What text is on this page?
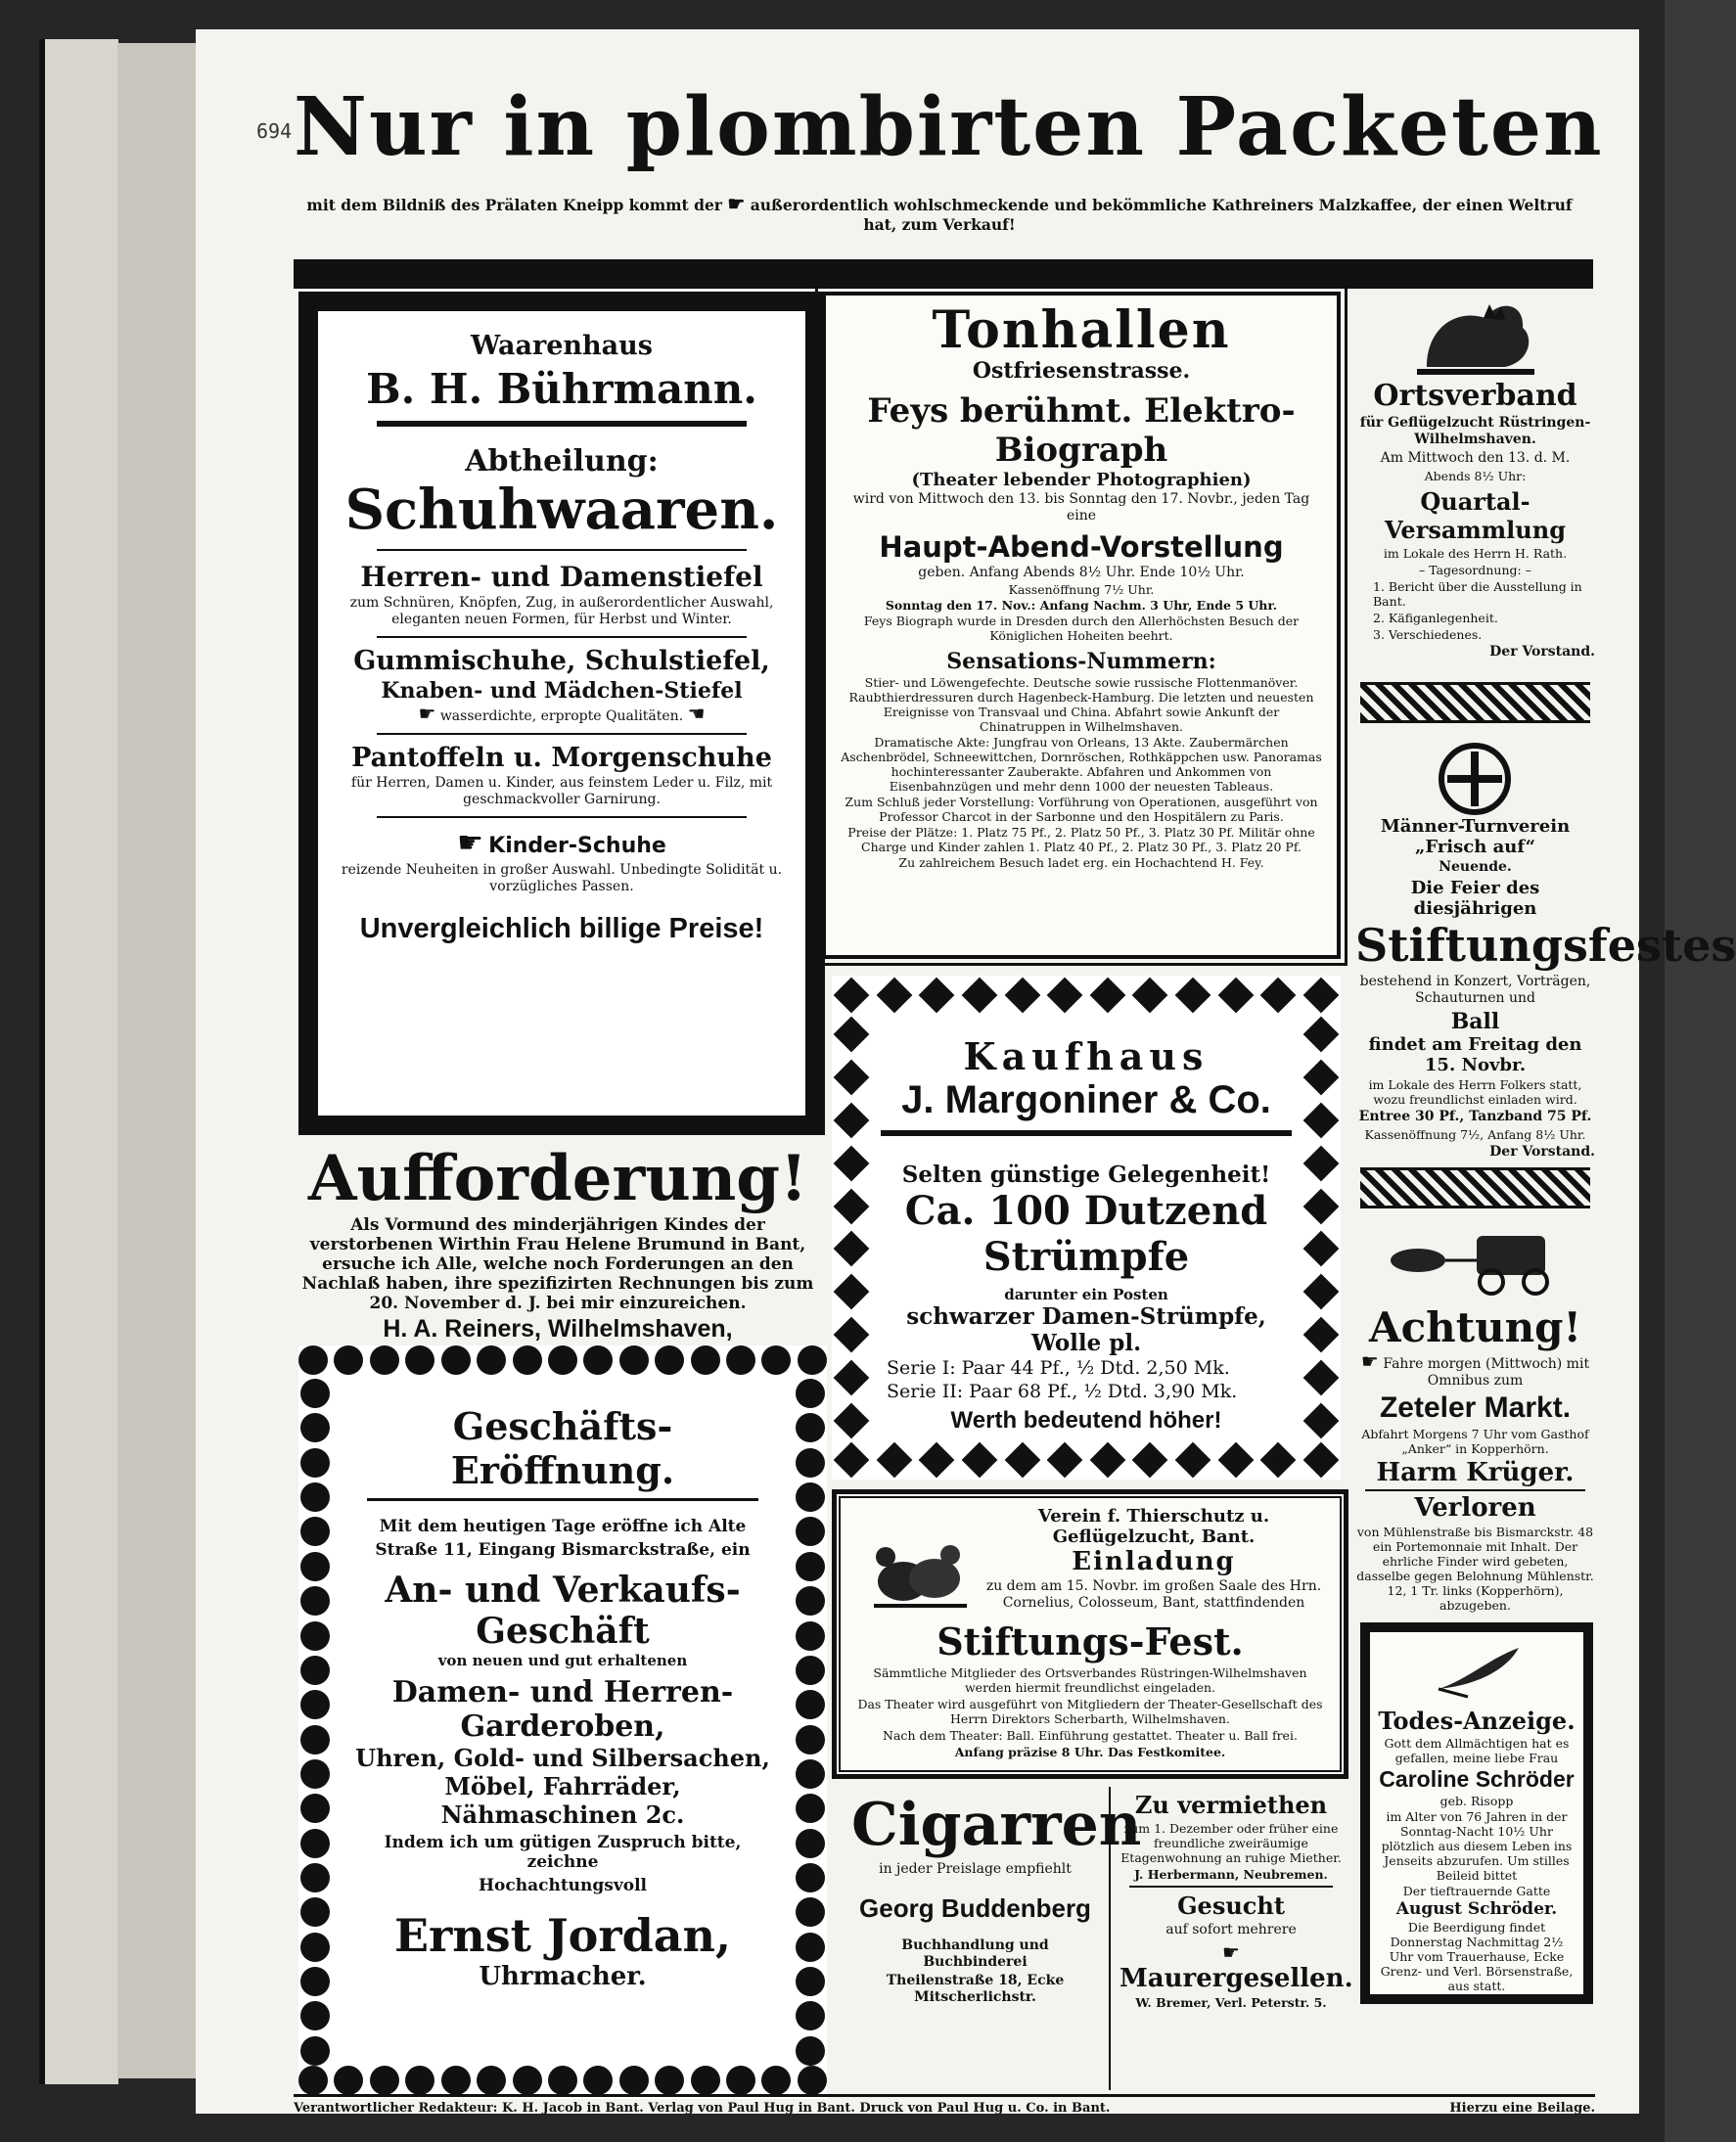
694 Nur in plombirten Packeten
mit dem Bildniß des Prälaten Kneipp kommt der ☛ außerordentlich wohlschmeckende und bekömmliche Kathreiners Malzkaffee, der einen Weltruf hat, zum Verkauf!
Waarenhaus
B. H. Bührmann.
Abtheilung:
Schuhwaaren.
Herren- und Damenstiefel

zum Schnüren, Knöpfen, Zug, in außerordentlicher Auswahl, eleganten neuen Formen, für Herbst und Winter.

Gummischuhe, Schulstiefel,
Knaben- und Mädchen-Stiefel

☛ wasserdichte, erpropte Qualitäten. ☚

Pantoffeln u. Morgenschuhe

für Herren, Damen u. Kinder, aus feinstem Leder u. Filz, mit geschmackvoller Garnirung.

☛ Kinder-Schuhe

reizende Neuheiten in großer Auswahl. Unbedingte Solidität u. vorzügliches Passen.

Unvergleichlich billige Preise!
Tonhallen
Ostfriesenstrasse.
Feys berühmt. Elektro-Biograph
(Theater lebender Photographien)

wird von Mittwoch den 13. bis Sonntag den 17. Novbr., jeden Tag eine

Haupt-Abend-Vorstellung

geben. Anfang Abends 8½ Uhr. Ende 10½ Uhr.

Kassenöffnung 7½ Uhr.

Sonntag den 17. Nov.: Anfang Nachm. 3 Uhr, Ende 5 Uhr.

Feys Biograph wurde in Dresden durch den Allerhöchsten Besuch der Königlichen Hoheiten beehrt.

Sensations-Nummern:

Stier- und Löwengefechte. Deutsche sowie russische Flottenmanöver. Raubthierdressuren durch Hagenbeck-Hamburg. Die letzten und neuesten Ereignisse von Transvaal und China. Abfahrt sowie Ankunft der Chinatruppen in Wilhelmshaven.

Dramatische Akte: Jungfrau von Orleans, 13 Akte. Zaubermärchen Aschenbrödel, Schneewittchen, Dornröschen, Rothkäppchen usw. Panoramas hochinteressanter Zauberakte. Abfahren und Ankommen von Eisenbahnzügen und mehr denn 1000 der neuesten Tableaus.

Zum Schluß jeder Vorstellung: Vorführung von Operationen, ausgeführt von Professor Charcot in der Sarbonne und den Hospitälern zu Paris.

Preise der Plätze: 1. Platz 75 Pf., 2. Platz 50 Pf., 3. Platz 30 Pf. Militär ohne Charge und Kinder zahlen 1. Platz 40 Pf., 2. Platz 30 Pf., 3. Platz 20 Pf.

Zu zahlreichem Besuch ladet erg. ein Hochachtend H. Fey.

Kaufhaus
J. Margoniner & Co.
Selten günstige Gelegenheit!
Ca. 100 Dutzend Strümpfe
darunter ein Posten
schwarzer Damen-Strümpfe, Wolle pl.
Serie I: Paar 44 Pf., ½ Dtd. 2,50 Mk.
Serie II: Paar 68 Pf., ½ Dtd. 3,90 Mk.
Werth bedeutend höher!
Verein f. Thierschutz u. Geflügelzucht, Bant.
Einladung

zu dem am 15. Novbr. im großen Saale des Hrn. Cornelius, Colosseum, Bant, stattfindenden

Stiftungs-Fest.

Sämmtliche Mitglieder des Ortsverbandes Rüstringen-Wilhelmshaven werden hiermit freundlichst eingeladen.

Das Theater wird ausgeführt von Mitgliedern der Theater-Gesellschaft des Herrn Direktors Scherbarth, Wilhelmshaven.

Nach dem Theater: Ball. Einführung gestattet. Theater u. Ball frei.

Anfang präzise 8 Uhr. Das Festkomitee.

Cigarren

in jeder Preislage empfiehlt

Georg Buddenberg

Buchhandlung und Buchbinderei

Theilenstraße 18, Ecke Mitscherlichstr.

Zu vermiethen

zum 1. Dezember oder früher eine freundliche zweiräumige Etagenwohnung an ruhige Miether.

J. Herbermann, Neubremen.

Gesucht

auf sofort mehrere

☛ Maurergesellen.

W. Bremer, Verl. Peterstr. 5.

Aufforderung!

Als Vormund des minderjährigen Kindes der verstorbenen Wirthin Frau Helene Brumund in Bant, ersuche ich Alle, welche noch Forderungen an den Nachlaß haben, ihre spezifizirten Rechnungen bis zum 20. November d. J. bei mir einzureichen.

H. A. Reiners, Wilhelmshaven,
Geschäfts-Eröffnung.
Mit dem heutigen Tage eröffne ich Alte Straße 11, Eingang Bismarckstraße, ein
An- und Verkaufs-Geschäft
von neuen und gut erhaltenen
Damen- und Herren-Garderoben,
Uhren, Gold- und Silbersachen,
Möbel, Fahrräder, Nähmaschinen 2c.
Indem ich um gütigen Zuspruch bitte, zeichne
Hochachtungsvoll
Ernst Jordan,
Uhrmacher.
Ortsverband

für Geflügelzucht Rüstringen-Wilhelmshaven.

Am Mittwoch den 13. d. M.

Abends 8½ Uhr:

Quartal-Versammlung

im Lokale des Herrn H. Rath.

– Tagesordnung: –

1. Bericht über die Ausstellung in Bant.

2. Käfiganlegenheit.

3. Verschiedenes.

Der Vorstand.

Männer-Turnverein „Frisch auf“

Neuende.

Die Feier des diesjährigen
Stiftungsfestes

bestehend in Konzert, Vorträgen, Schauturnen und

Ball
findet am Freitag den 15. Novbr.

im Lokale des Herrn Folkers statt, wozu freundlichst einladen wird.

Entree 30 Pf., Tanzband 75 Pf.

Kassenöffnung 7½, Anfang 8½ Uhr.

Der Vorstand.

Achtung!

☛ Fahre morgen (Mittwoch) mit Omnibus zum

Zeteler Markt.

Abfahrt Morgens 7 Uhr vom Gasthof „Anker“ in Kopperhörn.

Harm Krüger.
Verloren

von Mühlenstraße bis Bismarckstr. 48 ein Portemonnaie mit Inhalt. Der ehrliche Finder wird gebeten, dasselbe gegen Belohnung Mühlenstr. 12, 1 Tr. links (Kopperhörn), abzugeben.

Todes-Anzeige.

Gott dem Allmächtigen hat es gefallen, meine liebe Frau

Caroline Schröder

geb. Risopp

im Alter von 76 Jahren in der Sonntag-Nacht 10½ Uhr plötzlich aus diesem Leben ins Jenseits abzurufen. Um stilles Beileid bittet

Der tieftrauernde Gatte

August Schröder.

Die Beerdigung findet Donnerstag Nachmittag 2½ Uhr vom Trauerhause, Ecke Grenz- und Verl. Börsenstraße, aus statt.

Verantwortlicher Redakteur: K. H. Jacob in Bant. Verlag von Paul Hug in Bant. Druck von Paul Hug u. Co. in Bant.	Hierzu eine Beilage.
